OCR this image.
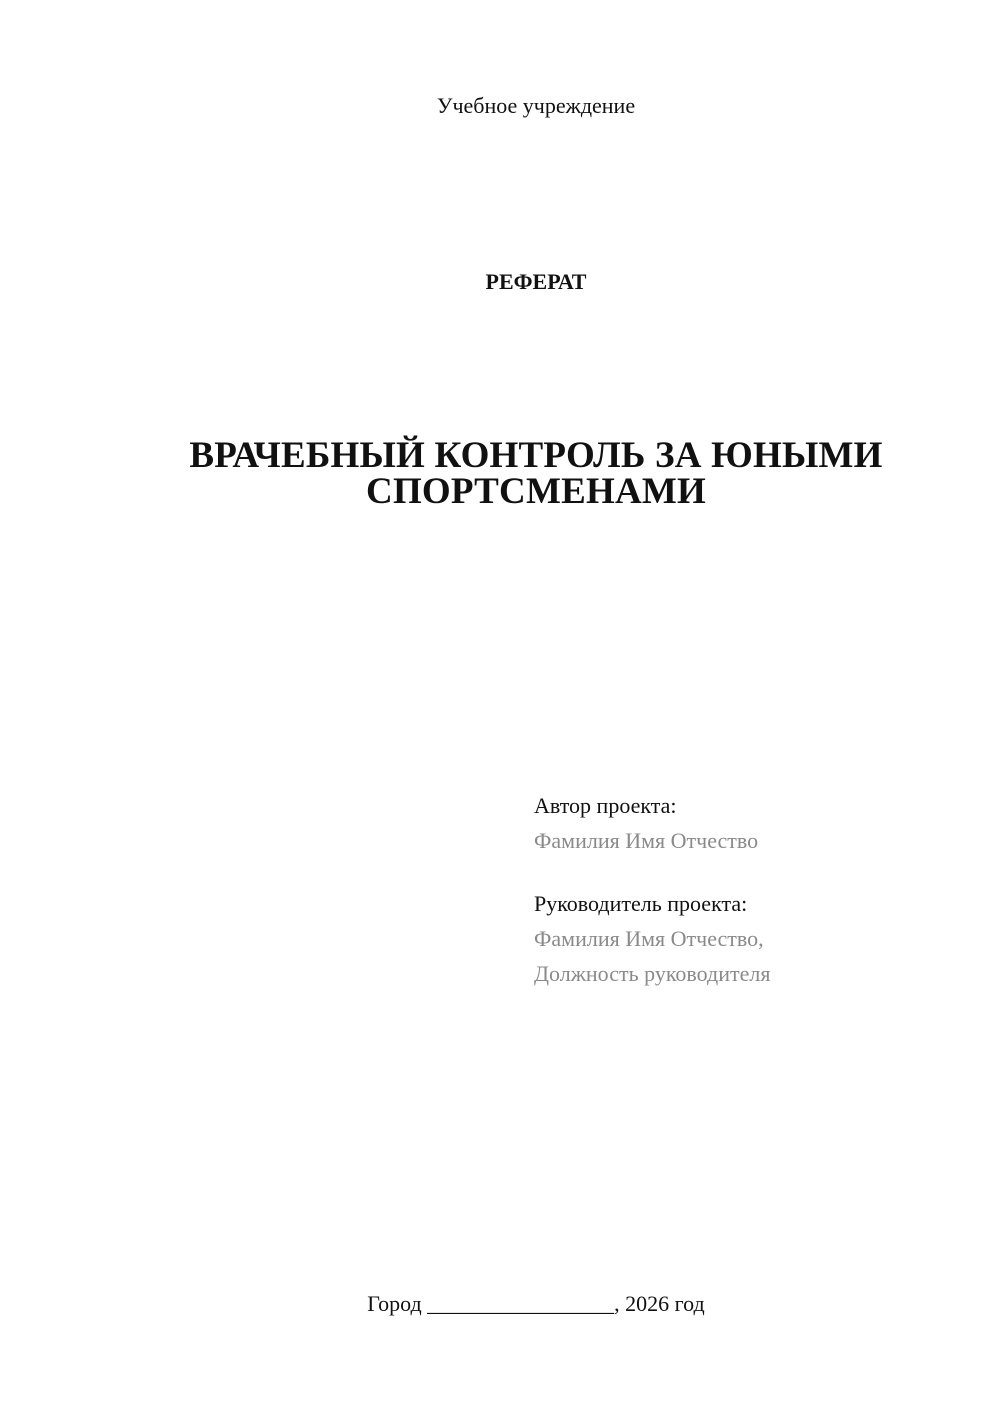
Учебное учреждение
РЕФЕРАТ
ВРАЧЕБНЫЙ КОНТРОЛЬ ЗА ЮНЫМИ
СПОРТСМЕНАМИ
Автор проекта:
Фамилия Имя Отчество
Руководитель проекта:
Фамилия Имя Отчество,
Должность руководителя
Город _________________, 2026 год
